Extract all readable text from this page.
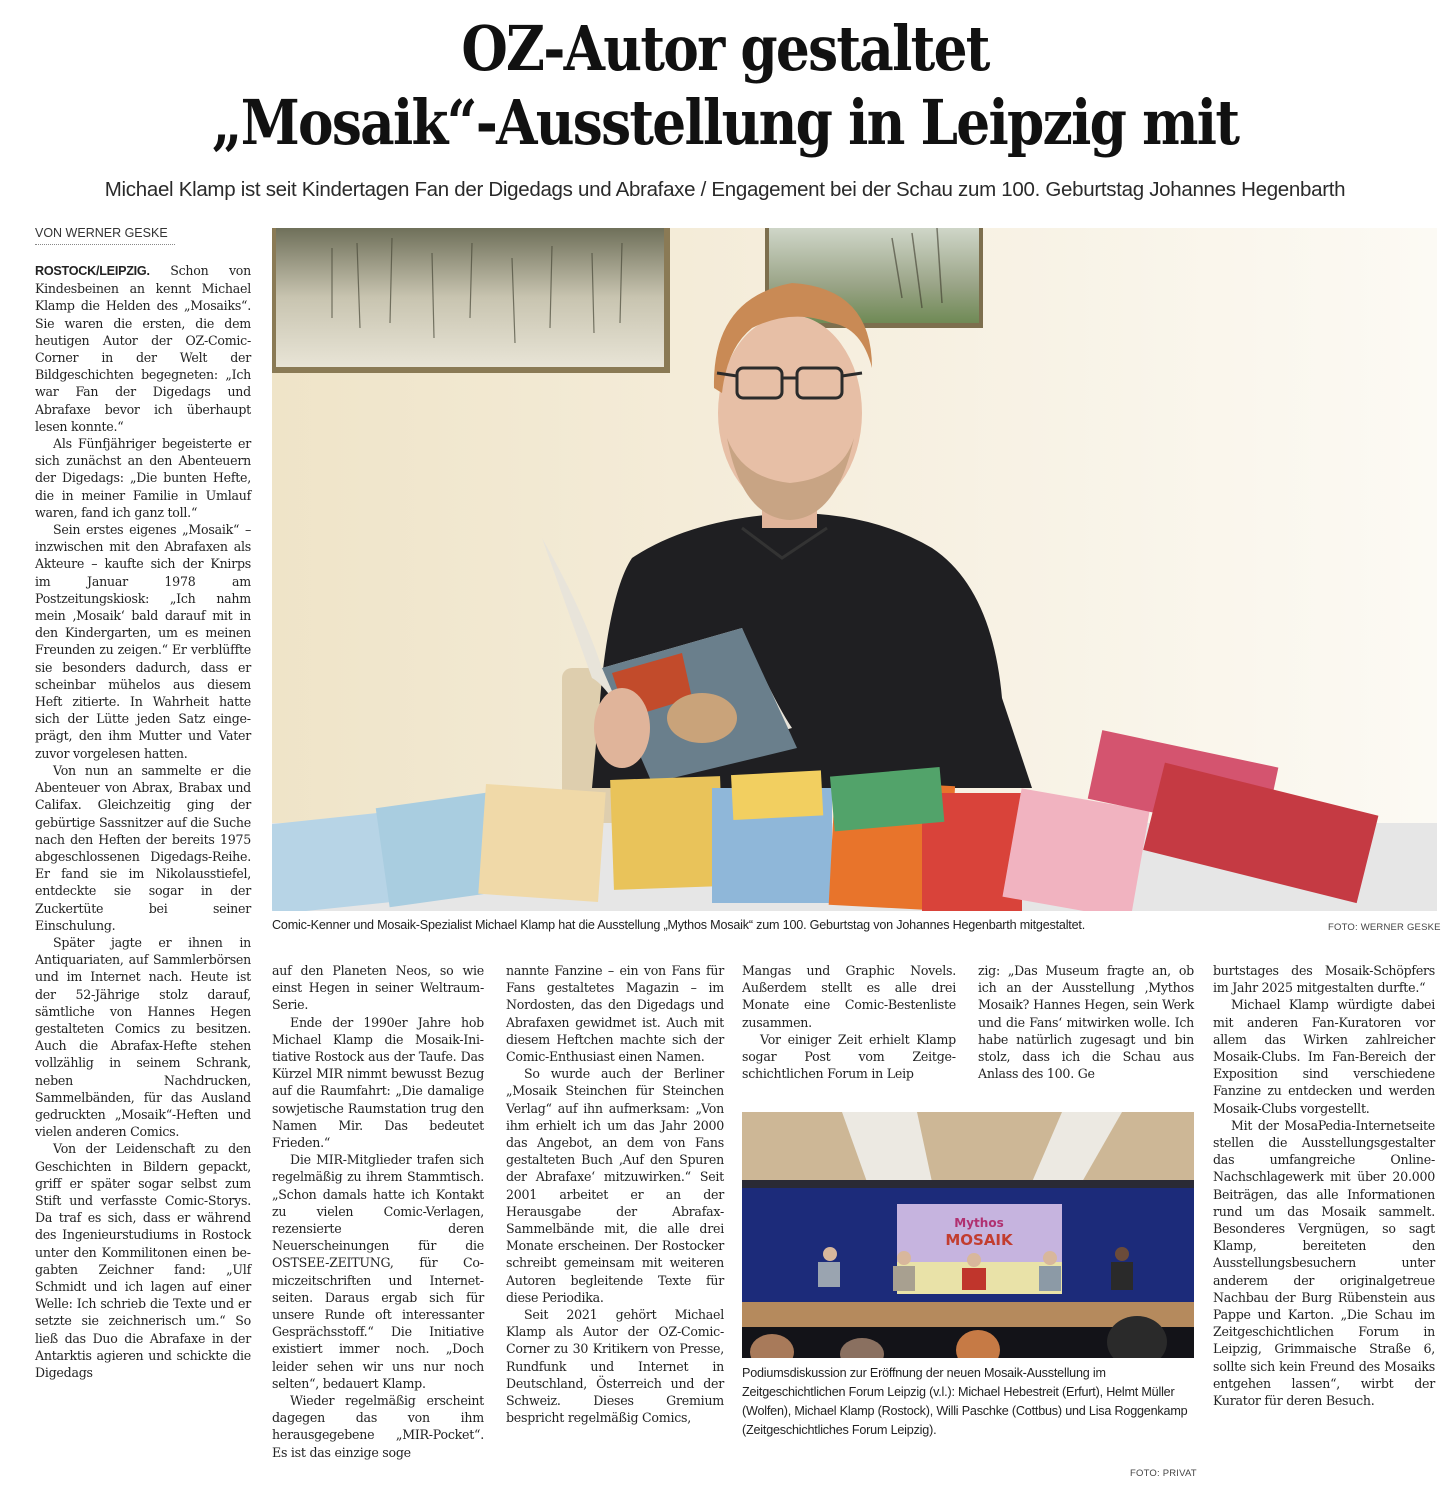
OZ-Autor gestaltet
„Mosaik“-Ausstellung in Leipzig mit
Michael Klamp ist seit Kindertagen Fan der Digedags und Abrafaxe / Engagement bei der Schau zum 100. Geburtstag Johannes Hegenbarth
VON WERNER GESKE

ROSTOCK/LEIPZIG. Schon von Kindesbeinen an kennt Michael Klamp die Helden des „Mosaiks“. Sie waren die ersten, die dem heutigen Autor der OZ-Comic-Corner in der Welt der Bildgeschichten begegneten: „Ich war Fan der Digedags und Abrafaxe bevor ich überhaupt lesen konnte.“

Als Fünfjähriger begeisterte er sich zunächst an den Abenteuern der Digedags: „Die bunten Hefte, die in meiner Familie in Umlauf waren, fand ich ganz toll.“

Sein erstes eigenes „Mosaik“ – inzwischen mit den Abrafaxen als Akteure – kaufte sich der Knirps im Januar 1978 am Postzeitungskiosk: „Ich nahm mein ‚Mosaik‘ bald darauf mit in den Kindergarten, um es meinen Freunden zu zeigen.“ Er verblüffte sie besonders dadurch, dass er scheinbar mühelos aus diesem Heft zitierte. In Wahrheit hatte sich der Lütte jeden Satz eingeprägt, den ihm Mutter und Vater zuvor vorgelesen hatten.

Von nun an sammelte er die Abenteuer von Abrax, Brabax und Califax. Gleichzeitig ging der gebürtige Sassnitzer auf die Suche nach den Heften der bereits 1975 abgeschlossenen Digedags-Reihe. Er fand sie im Nikolausstiefel, entdeckte sie sogar in der Zuckertüte bei seiner Einschulung.

Später jagte er ihnen in Antiquariaten, auf Sammlerbörsen und im Internet nach. Heute ist der 52-Jährige stolz darauf, sämtliche von Hannes Hegen gestalteten Comics zu besitzen. Auch die Abrafax-Hefte stehen vollzählig in seinem Schrank, neben Nachdrucken, Sammelbänden, für das Ausland gedruckten „Mosaik“-Heften und vielen anderen Comics.

Von der Leidenschaft zu den Geschichten in Bildern gepackt, griff er später sogar selbst zum Stift und verfasste Comic-Storys. Da traf es sich, dass er während des Ingenieurstudiums in Rostock unter den Kommilitonen einen begabten Zeichner fand: „Ulf Schmidt und ich lagen auf einer Welle: Ich schrieb die Texte und er setzte sie zeichnerisch um.“ So ließ das Duo die Abrafaxe in der Antarktis agieren und schickte die Digedags

Comic-Kenner und Mosaik-Spezialist Michael Klamp hat die Ausstellung „Mythos Mosaik“ zum 100. Geburtstag von Johannes Hegenbarth mitgestaltet.	FOTO: WERNER GESKE

auf den Planeten Neos, so wie einst Hegen in seiner Weltraum-Serie.

Ende der 1990er Jahre hob Michael Klamp die Mosaik-Initiative Rostock aus der Taufe. Das Kürzel MIR nimmt bewusst Bezug auf die Raumfahrt: „Die damalige sowjetische Raumstation trug den Namen Mir. Das bedeutet Frieden.“

Die MIR-Mitglieder trafen sich regelmäßig zu ihrem Stammtisch. „Schon damals hatte ich Kontakt zu vielen Comic-Verlagen, rezensierte deren Neuerscheinungen für die OSTSEE-ZEITUNG, für Comiczeitschriften und Internetseiten. Daraus ergab sich für unsere Runde oft interessanter Gesprächsstoff.“ Die Initiative existiert immer noch. „Doch leider sehen wir uns nur noch selten“, bedauert Klamp.

Wieder regelmäßig erscheint dagegen das von ihm herausgegebene „MIR-Pocket“. Es ist das einzige soge

nannte Fanzine – ein von Fans für Fans gestaltetes Magazin – im Nordosten, das den Digedags und Abrafaxen gewidmet ist. Auch mit diesem Heftchen machte sich der Comic-Enthusiast einen Namen.

So wurde auch der Berliner „Mosaik Steinchen für Steinchen Verlag“ auf ihn aufmerksam: „Von ihm erhielt ich um das Jahr 2000 das Angebot, an dem von Fans gestalteten Buch ‚Auf den Spuren der Abrafaxe‘ mitzuwirken.“ Seit 2001 arbeitet er an der Herausgabe der Abrafax-Sammelbände mit, die alle drei Monate erscheinen. Der Rostocker schreibt gemeinsam mit weiteren Autoren begleitende Texte für diese Periodika.

Seit 2021 gehört Michael Klamp als Autor der OZ-Comic-Corner zu 30 Kritikern von Presse, Rundfunk und Internet in Deutschland, Österreich und der Schweiz. Dieses Gremium bespricht regelmäßig Comics,

Mangas und Graphic Novels. Außerdem stellt es alle drei Monate eine Comic-Bestenliste zusammen.

Vor einiger Zeit erhielt Klamp sogar Post vom Zeitgeschichtlichen Forum in Leip

zig: „Das Museum fragte an, ob ich an der Ausstellung ‚Mythos Mosaik? Hannes Hegen, sein Werk und die Fans‘ mitwirken wolle. Ich habe natürlich zugesagt und bin stolz, dass ich die Schau aus Anlass des 100. Ge

Mythos
MOSAIK
Podiumsdiskussion zur Eröffnung der neuen Mosaik-Ausstellung im Zeitgeschichtlichen Forum Leipzig (v.l.): Michael Hebestreit (Erfurt), Helmt Müller (Wolfen), Michael Klamp (Rostock), Willi Paschke (Cottbus) und Lisa Roggenkamp (Zeitgeschichtliches Forum Leipzig).
FOTO: PRIVAT

burtstages des Mosaik-Schöpfers im Jahr 2025 mitgestalten durfte.“

Michael Klamp würdigte dabei mit anderen Fan-Kuratoren vor allem das Wirken zahlreicher Mosaik-Clubs. Im Fan-Bereich der Exposition sind verschiedene Fanzine zu entdecken und werden Mosaik-Clubs vorgestellt.

Mit der MosaPedia-Internetseite stellen die Ausstellungsgestalter das umfangreiche Online-Nachschlagewerk mit über 20.000 Beiträgen, das alle Informationen rund um das Mosaik sammelt. Besonderes Vergnügen, so sagt Klamp, bereiteten den Ausstellungsbesuchern unter anderem der originalgetreue Nachbau der Burg Rübenstein aus Pappe und Karton. „Die Schau im Zeitgeschichtlichen Forum in Leipzig, Grimmaische Straße 6, sollte sich kein Freund des Mosaiks entgehen lassen“, wirbt der Kurator für deren Besuch.
